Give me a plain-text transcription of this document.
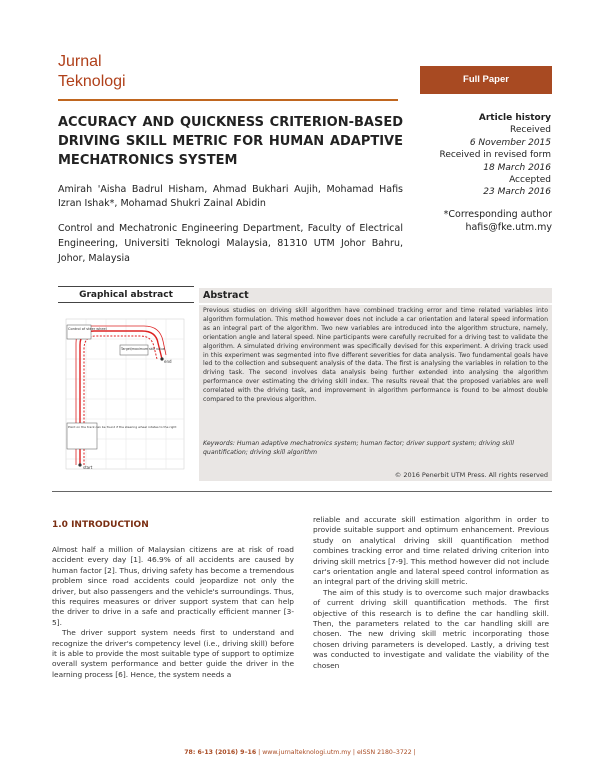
Jurnal
Teknologi	Full Paper
ACCURACY AND QUICKNESS CRITERION-BASED DRIVING SKILL METRIC FOR HUMAN ADAPTIVE MECHATRONICS SYSTEM
Article history
Received
6 November 2015
Received in revised form
18 March 2016
Accepted
23 March 2016
*Corresponding author
hafis@fke.utm.my
Amirah 'Aisha Badrul Hisham, Ahmad Bukhari Aujih, Mohamad Hafis Izran Ishak*, Mohamad Shukri Zainal Abidin
Control and Mechatronic Engineering Department, Faculty of Electrical Engineering, Universiti Teknologi Malaysia, 81310 UTM Johor Bahru, Johor, Malaysia
Graphical abstract	Abstract
Control of steer wheel
Target/maximum skill value
Point on the track can be found if the steering wheel rotates to the right
end
start
Previous studies on driving skill algorithm have combined tracking error and time related variables into algorithm formulation. This method however does not include a car orientation and lateral speed information as an integral part of the algorithm. Two new variables are introduced into the algorithm structure, namely, orientation angle and lateral speed. Nine participants were carefully recruited for a driving test to validate the algorithm. A simulated driving environment was specifically devised for this experiment. A driving track used in this experiment was segmented into five different severities for data analysis. Two fundamental goals have led to the collection and subsequent analysis of the data. The first is analysing the variables in relation to the driving task. The second involves data analysis being further extended into analysing the algorithm performance over estimating the driving skill index. The results reveal that the proposed variables are well correlated with the driving task, and improvement in algorithm performance is found to be almost double compared to the previous algorithm.
Keywords: Human adaptive mechatronics system; human factor; driver support system; driving skill quantification; driving skill algorithm
© 2016 Penerbit UTM Press. All rights reserved
1.0 INTRODUCTION

Almost half a million of Malaysian citizens are at risk of road accident every day [1]. 46.9% of all accidents are caused by human factor [2]. Thus, driving safety has become a tremendous problem since road accidents could jeopardize not only the driver, but also passengers and the vehicle's surroundings. Thus, this requires measures or driver support system that can help the driver to drive in a safe and practically efficient manner [3-5].

The driver support system needs first to understand and recognize the driver's competency level (i.e., driving skill) before it is able to provide the most suitable type of support to optimize overall system performance and better guide the driver in the learning process [6]. Hence, the system needs a

reliable and accurate skill estimation algorithm in order to provide suitable support and optimum enhancement. Previous study on analytical driving skill quantification method combines tracking error and time related driving criterion into driving skill metrics [7-9]. This method however did not include car's orientation angle and lateral speed control information as an integral part of the driving skill metric.

The aim of this study is to overcome such major drawbacks of current driving skill quantification methods. The first objective of this research is to define the car handling skill. Then, the parameters related to the car handling skill are chosen. The new driving skill metric incorporating those chosen driving parameters is developed. Lastly, a driving test was conducted to investigate and validate the viability of the chosen

78: 6-13 (2016) 9–16 | www.jurnalteknologi.utm.my | eISSN 2180–3722 |
